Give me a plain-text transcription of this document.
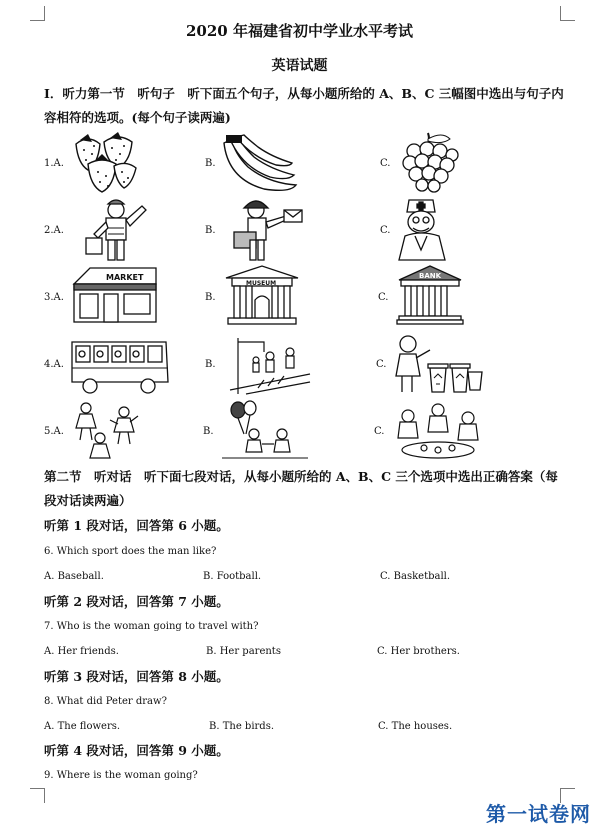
2020 年福建省初中学业水平考试
英语试题
I．听力第一节　听句子　听下面五个句子，从每小题所给的 A、B、C 三幅图中选出与句子内
容相符的选项。(每个句子读两遍)
1.A.	B.	C.
2.A.	B.	C.
3.A.	B.	C.
4.A.	B.	C.
5.A.	B.	C.
MARKET
MUSEUM
BANK
第二节　听对话　听下面七段对话，从每小题所给的 A、B、C 三个选项中选出正确答案（每
段对话读两遍）
听第 1 段对话，回答第 6 小题。
6. Which sport does the man like?
A. Baseball.	B. Football.	C. Basketball.
听第 2 段对话，回答第 7 小题。
7. Who is the woman going to travel with?
A. Her friends.	B. Her parents	C. Her brothers.
听第 3 段对话，回答第 8 小题。
8. What did Peter draw?
A. The flowers.	B. The birds.	C. The houses.
听第 4 段对话，回答第 9 小题。
9. Where is the woman going?
第一试卷网
